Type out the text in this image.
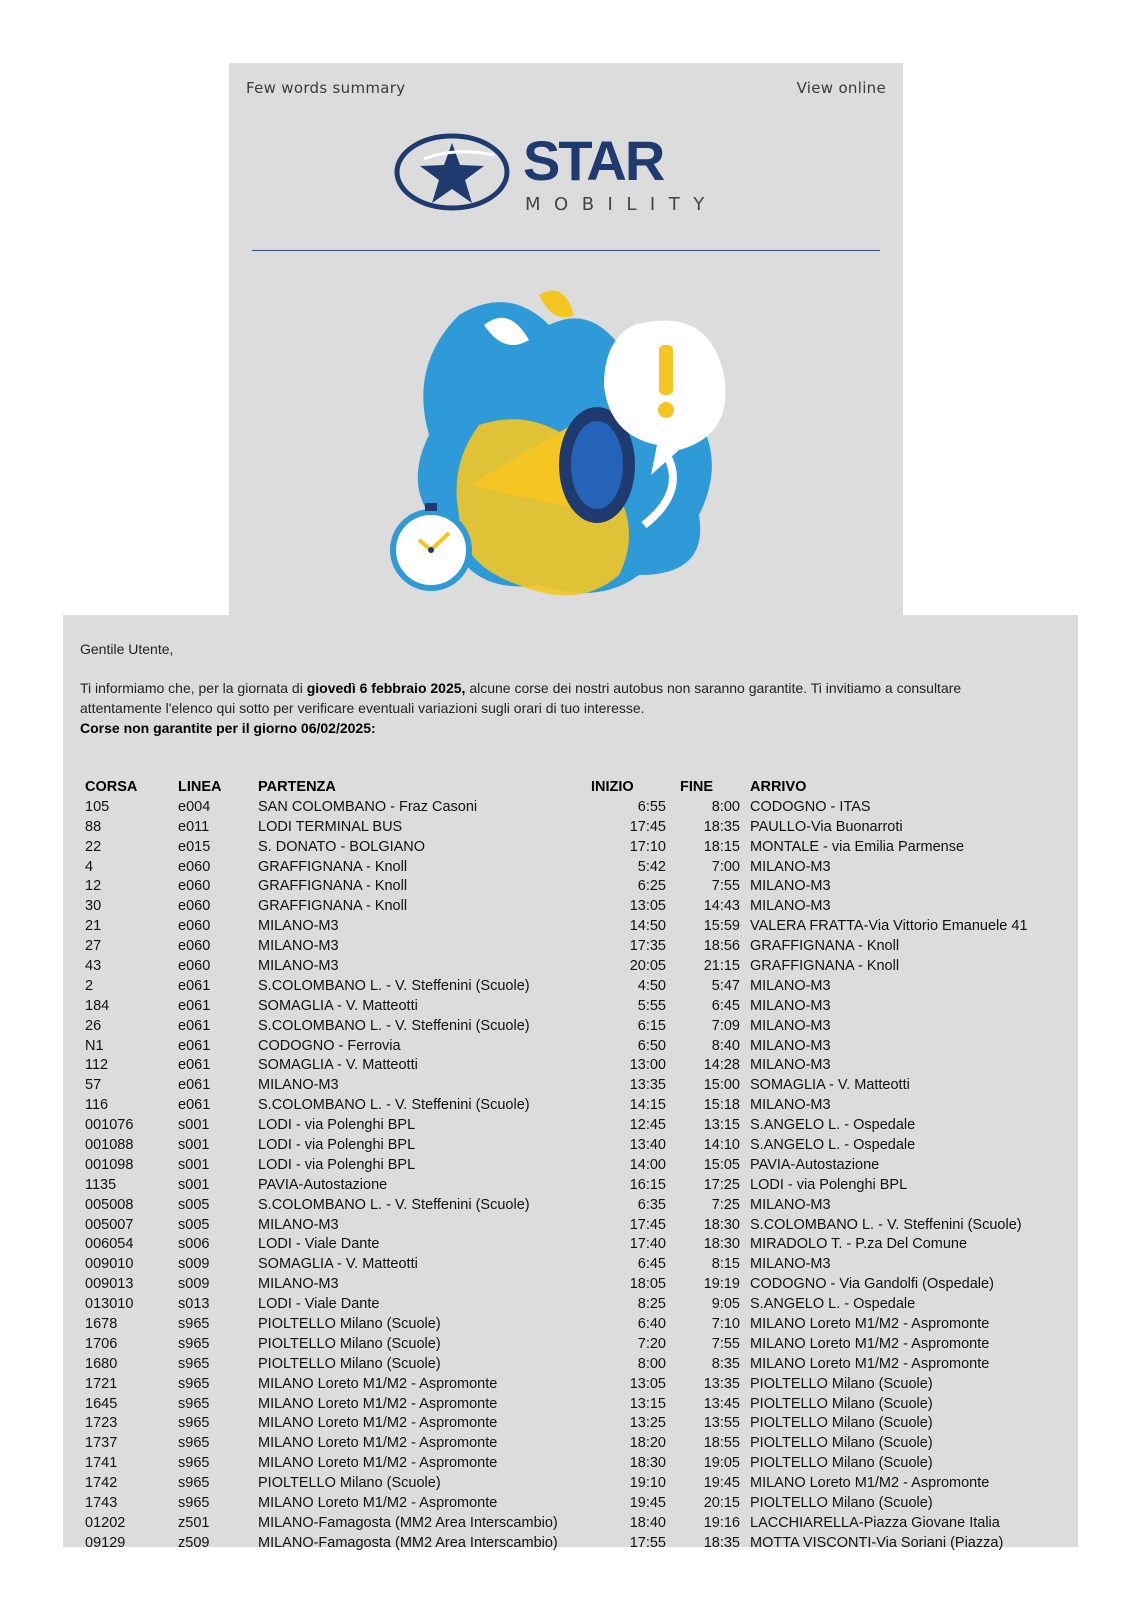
Few words summary	View online
STAR
MOBILITY
Gentile Utente,
Ti informiamo che, per la giornata di giovedì 6 febbraio 2025, alcune corse dei nostri autobus non saranno garantite. Ti invitiamo a consultare attentamente l'elenco qui sotto per verificare eventuali variazioni sugli orari di tuo interesse.
Corse non garantite per il giorno 06/02/2025:
CORSA	LINEA	PARTENZA	INIZIO	FINE	ARRIVO
105	e004	SAN COLOMBANO - Fraz Casoni	6:55	8:00	CODOGNO - ITAS
88	e011	LODI TERMINAL BUS	17:45	18:35	PAULLO-Via Buonarroti
22	e015	S. DONATO - BOLGIANO	17:10	18:15	MONTALE - via Emilia Parmense
4	e060	GRAFFIGNANA - Knoll	5:42	7:00	MILANO-M3
12	e060	GRAFFIGNANA - Knoll	6:25	7:55	MILANO-M3
30	e060	GRAFFIGNANA - Knoll	13:05	14:43	MILANO-M3
21	e060	MILANO-M3	14:50	15:59	VALERA FRATTA-Via Vittorio Emanuele 41
27	e060	MILANO-M3	17:35	18:56	GRAFFIGNANA - Knoll
43	e060	MILANO-M3	20:05	21:15	GRAFFIGNANA - Knoll
2	e061	S.COLOMBANO L. - V. Steffenini (Scuole)	4:50	5:47	MILANO-M3
184	e061	SOMAGLIA - V. Matteotti	5:55	6:45	MILANO-M3
26	e061	S.COLOMBANO L. - V. Steffenini (Scuole)	6:15	7:09	MILANO-M3
N1	e061	CODOGNO - Ferrovia	6:50	8:40	MILANO-M3
112	e061	SOMAGLIA - V. Matteotti	13:00	14:28	MILANO-M3
57	e061	MILANO-M3	13:35	15:00	SOMAGLIA - V. Matteotti
116	e061	S.COLOMBANO L. - V. Steffenini (Scuole)	14:15	15:18	MILANO-M3
001076	s001	LODI - via Polenghi BPL	12:45	13:15	S.ANGELO L. - Ospedale
001088	s001	LODI - via Polenghi BPL	13:40	14:10	S.ANGELO L. - Ospedale
001098	s001	LODI - via Polenghi BPL	14:00	15:05	PAVIA-Autostazione
1135	s001	PAVIA-Autostazione	16:15	17:25	LODI - via Polenghi BPL
005008	s005	S.COLOMBANO L. - V. Steffenini (Scuole)	6:35	7:25	MILANO-M3
005007	s005	MILANO-M3	17:45	18:30	S.COLOMBANO L. - V. Steffenini (Scuole)
006054	s006	LODI - Viale Dante	17:40	18:30	MIRADOLO T. - P.za Del Comune
009010	s009	SOMAGLIA - V. Matteotti	6:45	8:15	MILANO-M3
009013	s009	MILANO-M3	18:05	19:19	CODOGNO - Via Gandolfi (Ospedale)
013010	s013	LODI - Viale Dante	8:25	9:05	S.ANGELO L. - Ospedale
1678	s965	PIOLTELLO Milano (Scuole)	6:40	7:10	MILANO Loreto M1/M2 - Aspromonte
1706	s965	PIOLTELLO Milano (Scuole)	7:20	7:55	MILANO Loreto M1/M2 - Aspromonte
1680	s965	PIOLTELLO Milano (Scuole)	8:00	8:35	MILANO Loreto M1/M2 - Aspromonte
1721	s965	MILANO Loreto M1/M2 - Aspromonte	13:05	13:35	PIOLTELLO Milano (Scuole)
1645	s965	MILANO Loreto M1/M2 - Aspromonte	13:15	13:45	PIOLTELLO Milano (Scuole)
1723	s965	MILANO Loreto M1/M2 - Aspromonte	13:25	13:55	PIOLTELLO Milano (Scuole)
1737	s965	MILANO Loreto M1/M2 - Aspromonte	18:20	18:55	PIOLTELLO Milano (Scuole)
1741	s965	MILANO Loreto M1/M2 - Aspromonte	18:30	19:05	PIOLTELLO Milano (Scuole)
1742	s965	PIOLTELLO Milano (Scuole)	19:10	19:45	MILANO Loreto M1/M2 - Aspromonte
1743	s965	MILANO Loreto M1/M2 - Aspromonte	19:45	20:15	PIOLTELLO Milano (Scuole)
01202	z501	MILANO-Famagosta (MM2 Area Interscambio)	18:40	19:16	LACCHIARELLA-Piazza Giovane Italia
09129	z509	MILANO-Famagosta (MM2 Area Interscambio)	17:55	18:35	MOTTA VISCONTI-Via Soriani (Piazza)
